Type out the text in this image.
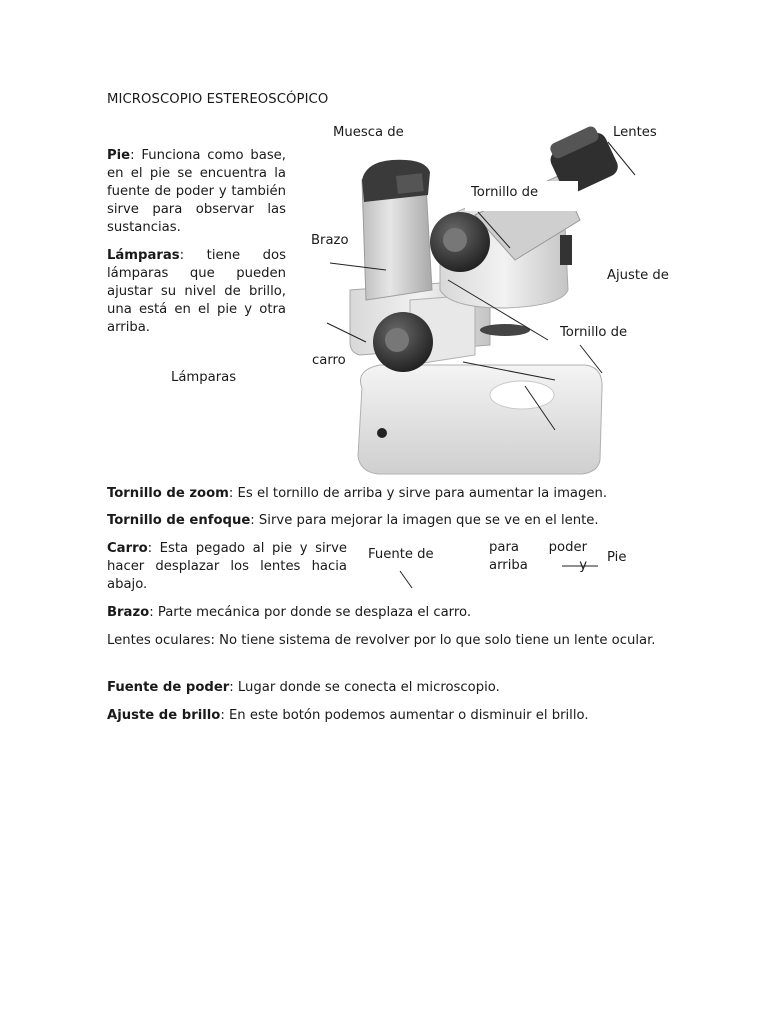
MICROSCOPIO ESTEREOSCÓPICO
Pie: Funciona como base, en el pie se encuentra la fuente de poder y también sirve para observar las sustancias.
Lámparas: tiene dos lámparas que pueden ajustar su nivel de brillo, una está en el pie y otra arriba.
Lámparas
Muesca de	Lentes
Tornillo de
Brazo
Ajuste de
Tornillo de
carro
Tornillo de zoom: Es el tornillo de arriba y sirve para aumentar la imagen.
Tornillo de enfoque: Sirve para mejorar la imagen que se ve en el lente.
Carro: Esta pegado al pie y sirve hacer desplazar los lentes hacia abajo.
Fuente de	para poder
arriba y
Pie
Brazo: Parte mecánica por donde se desplaza el carro.
Lentes oculares: No tiene sistema de revolver por lo que solo tiene un lente ocular.
Fuente de poder: Lugar donde se conecta el microscopio.
Ajuste de brillo: En este botón podemos aumentar o disminuir el brillo.
